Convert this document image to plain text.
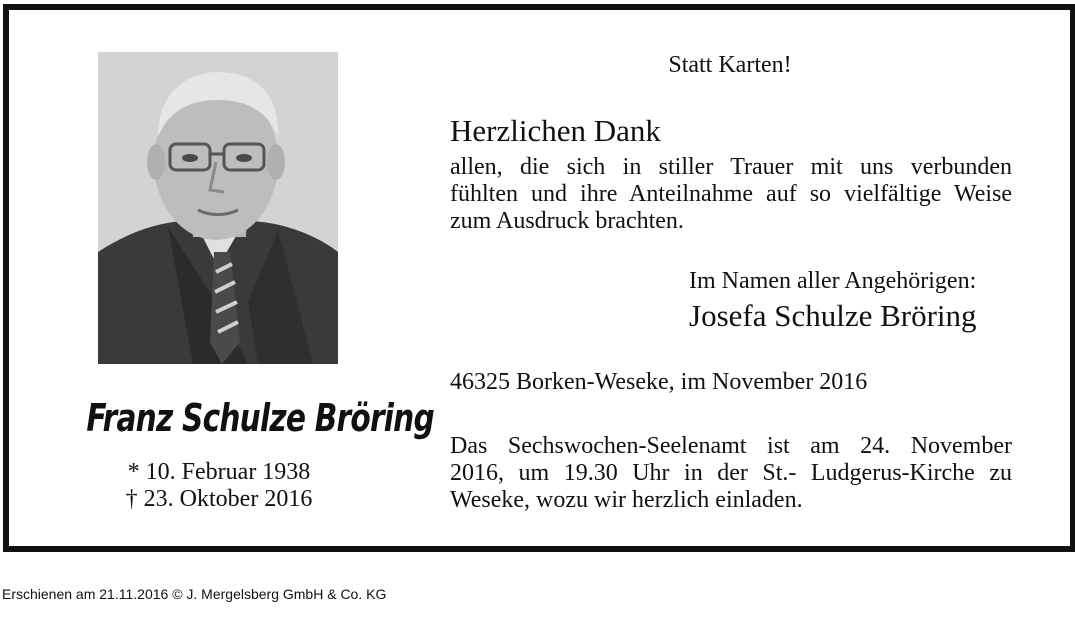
Franz Schulze Bröring
* 10. Februar 1938
† 23. Oktober 2016
Statt Karten!
Herzlichen Dank
allen, die sich in stiller Trauer mit uns verbunden
fühlten und ihre Anteilnahme auf so vielfältige Weise
zum Ausdruck brachten.
Im Namen aller Angehörigen:
Josefa Schulze Bröring
46325 Borken-Weseke, im November 2016
Das Sechswochen-Seelenamt ist am 24. November
2016, um 19.30 Uhr in der St.- Ludgerus-Kirche zu
Weseke, wozu wir herzlich einladen.
Erschienen am 21.11.2016 © J. Mergelsberg GmbH & Co. KG
